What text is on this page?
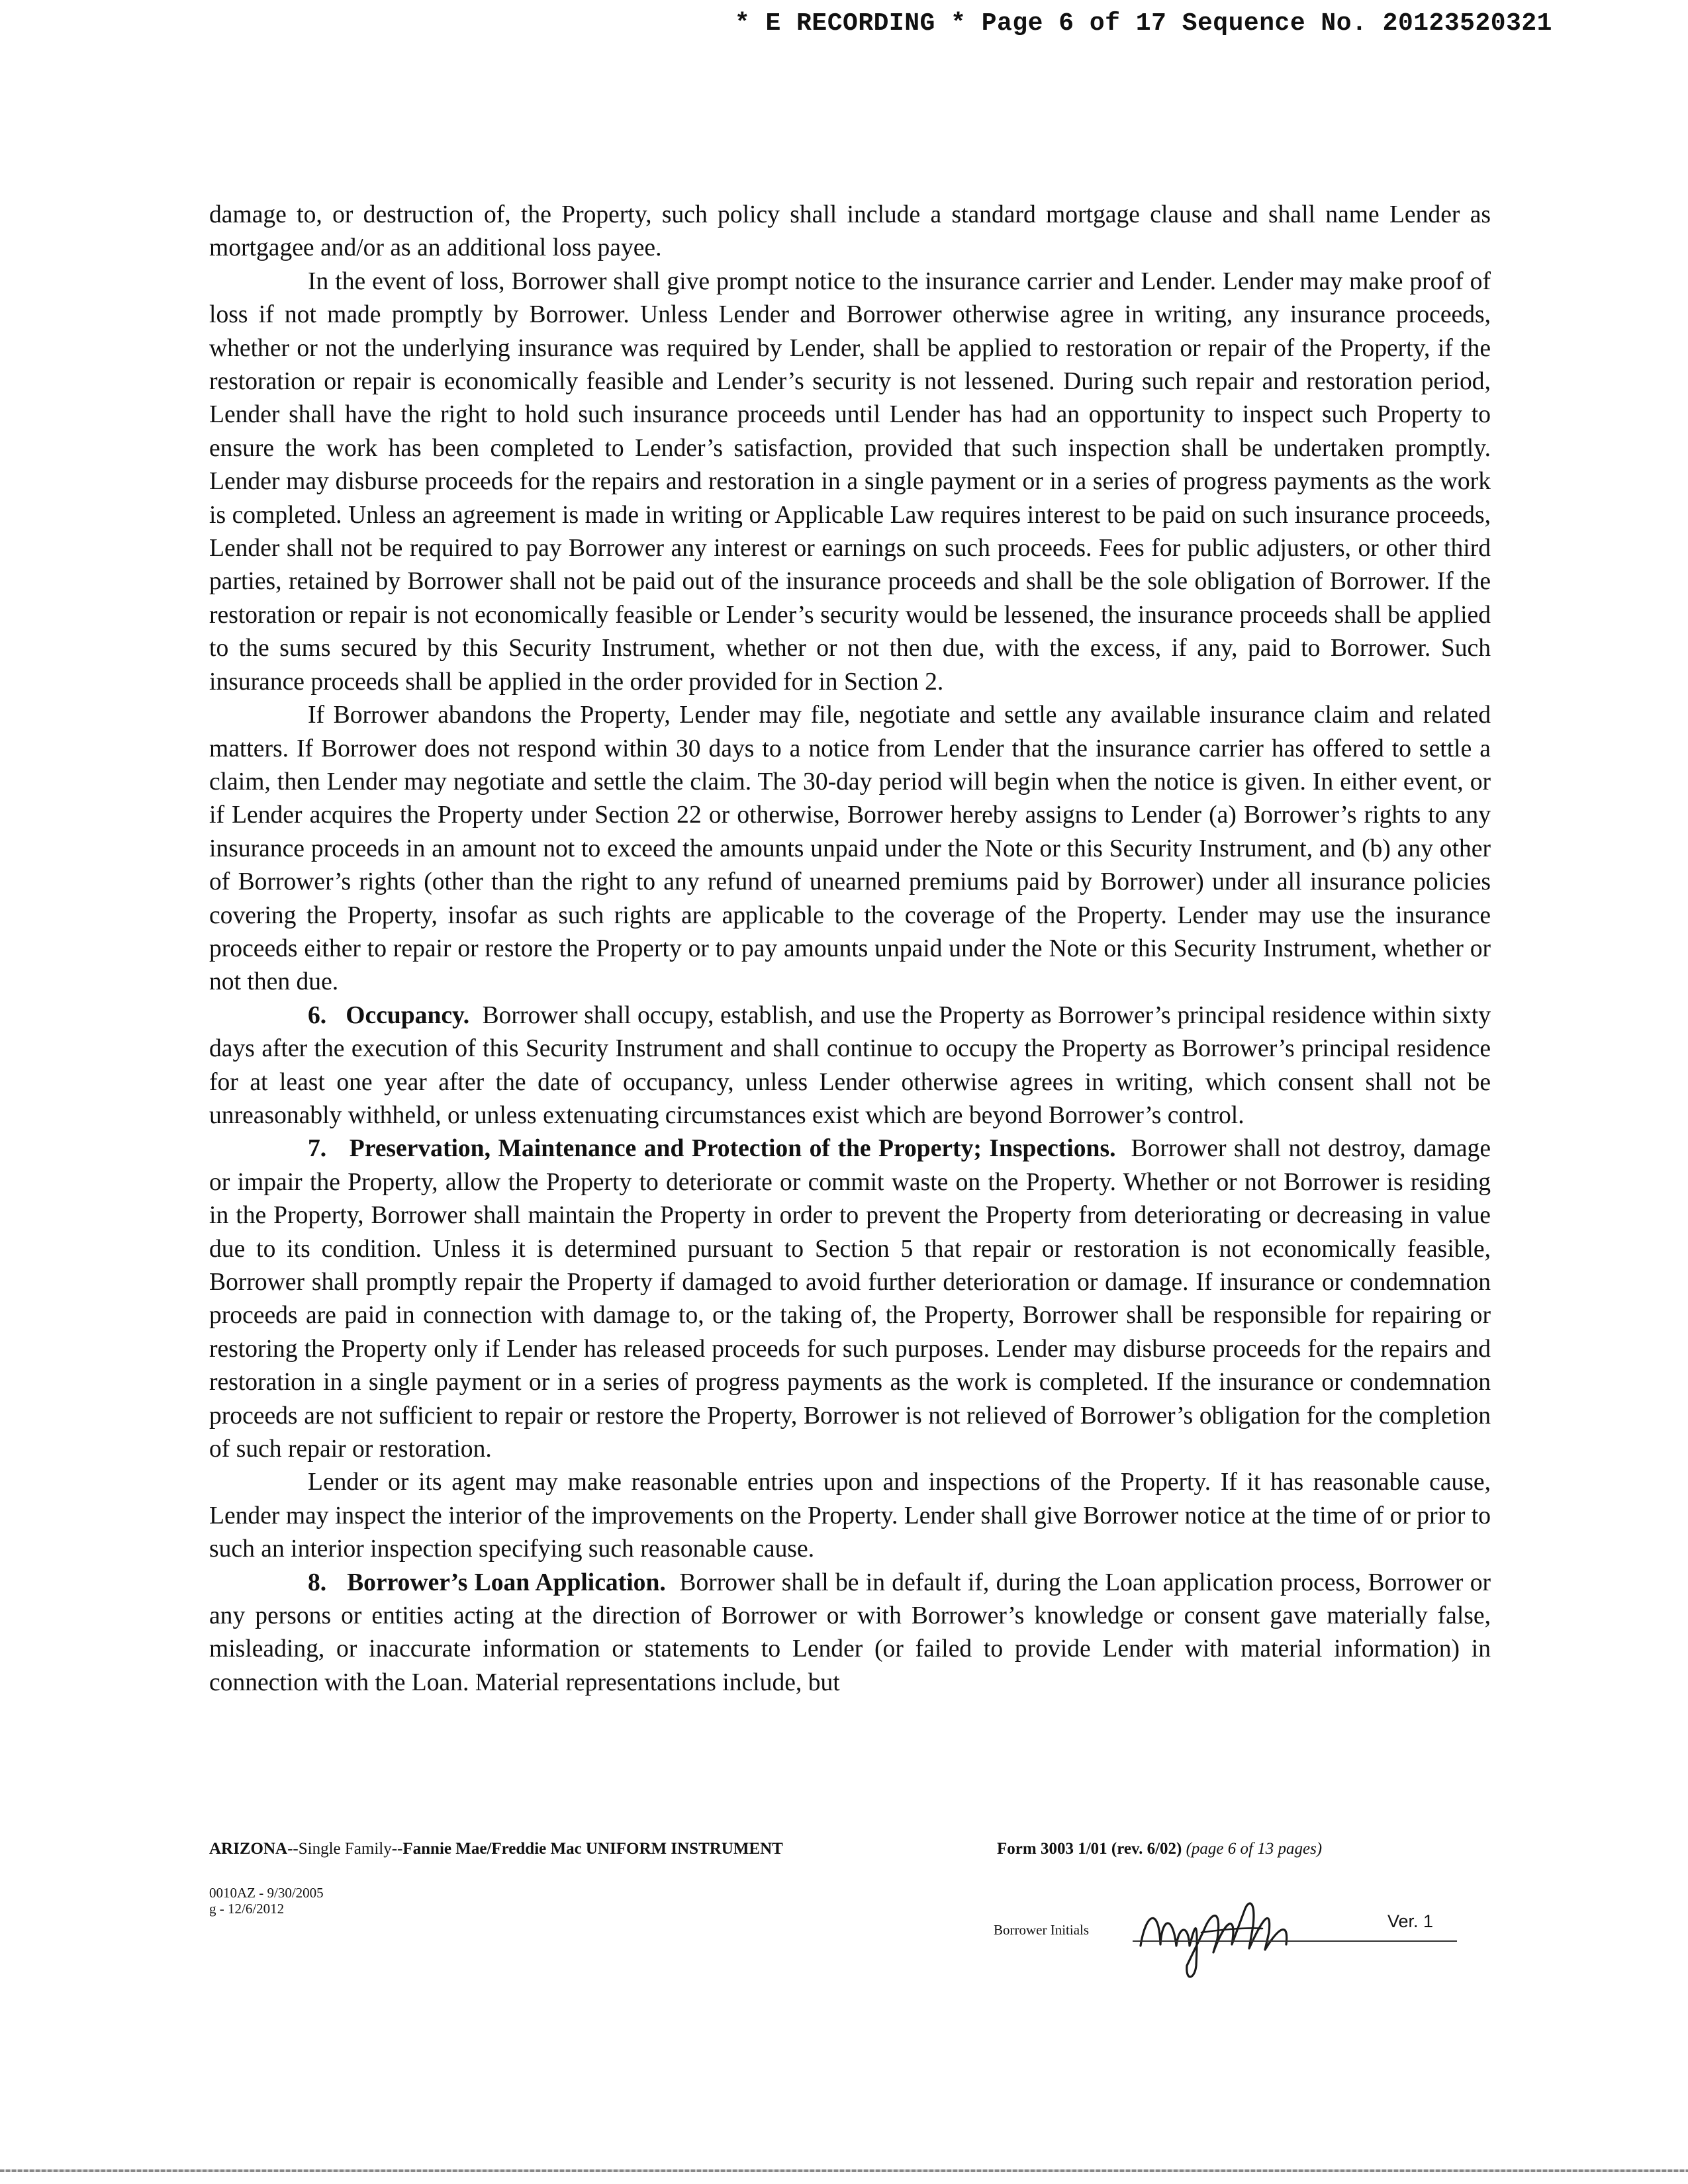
* E RECORDING * Page 6 of 17 Sequence No. 20123520321

damage to, or destruction of, the Property, such policy shall include a standard mortgage clause and shall name Lender as mortgagee and/or as an additional loss payee.

In the event of loss, Borrower shall give prompt notice to the insurance carrier and Lender. Lender may make proof of loss if not made promptly by Borrower. Unless Lender and Borrower otherwise agree in writing, any insurance proceeds, whether or not the underlying insurance was required by Lender, shall be applied to restoration or repair of the Property, if the restoration or repair is economically feasible and Lender’s security is not lessened. During such repair and restoration period, Lender shall have the right to hold such insurance proceeds until Lender has had an opportunity to inspect such Property to ensure the work has been completed to Lender’s satisfaction, provided that such inspection shall be undertaken promptly. Lender may disburse proceeds for the repairs and restoration in a single payment or in a series of progress payments as the work is completed. Unless an agreement is made in writing or Applicable Law requires interest to be paid on such insurance proceeds, Lender shall not be required to pay Borrower any interest or earnings on such proceeds. Fees for public adjusters, or other third parties, retained by Borrower shall not be paid out of the insurance proceeds and shall be the sole obligation of Borrower. If the restoration or repair is not economically feasible or Lender’s security would be lessened, the insurance proceeds shall be applied to the sums secured by this Security Instrument, whether or not then due, with the excess, if any, paid to Borrower. Such insurance proceeds shall be applied in the order provided for in Section 2.

If Borrower abandons the Property, Lender may file, negotiate and settle any available insurance claim and related matters. If Borrower does not respond within 30 days to a notice from Lender that the insurance carrier has offered to settle a claim, then Lender may negotiate and settle the claim. The 30-day period will begin when the notice is given. In either event, or if Lender acquires the Property under Section 22 or otherwise, Borrower hereby assigns to Lender (a) Borrower’s rights to any insurance proceeds in an amount not to exceed the amounts unpaid under the Note or this Security Instrument, and (b) any other of Borrower’s rights (other than the right to any refund of unearned premiums paid by Borrower) under all insurance policies covering the Property, insofar as such rights are applicable to the coverage of the Property. Lender may use the insurance proceeds either to repair or restore the Property or to pay amounts unpaid under the Note or this Security Instrument, whether or not then due.

6. Occupancy. Borrower shall occupy, establish, and use the Property as Borrower’s principal residence within sixty days after the execution of this Security Instrument and shall continue to occupy the Property as Borrower’s principal residence for at least one year after the date of occupancy, unless Lender otherwise agrees in writing, which consent shall not be unreasonably withheld, or unless extenuating circumstances exist which are beyond Borrower’s control.

7. Preservation, Maintenance and Protection of the Property; Inspections. Borrower shall not destroy, damage or impair the Property, allow the Property to deteriorate or commit waste on the Property. Whether or not Borrower is residing in the Property, Borrower shall maintain the Property in order to prevent the Property from deteriorating or decreasing in value due to its condition. Unless it is determined pursuant to Section 5 that repair or restoration is not economically feasible, Borrower shall promptly repair the Property if damaged to avoid further deterioration or damage. If insurance or condemnation proceeds are paid in connection with damage to, or the taking of, the Property, Borrower shall be responsible for repairing or restoring the Property only if Lender has released proceeds for such purposes. Lender may disburse proceeds for the repairs and restoration in a single payment or in a series of progress payments as the work is completed. If the insurance or condemnation proceeds are not sufficient to repair or restore the Property, Borrower is not relieved of Borrower’s obligation for the completion of such repair or restoration.

Lender or its agent may make reasonable entries upon and inspections of the Property. If it has reasonable cause, Lender may inspect the interior of the improvements on the Property. Lender shall give Borrower notice at the time of or prior to such an interior inspection specifying such reasonable cause.

8. Borrower’s Loan Application. Borrower shall be in default if, during the Loan application process, Borrower or any persons or entities acting at the direction of Borrower or with Borrower’s knowledge or consent gave materially false, misleading, or inaccurate information or statements to Lender (or failed to provide Lender with material information) in connection with the Loan. Material representations include, but

ARIZONA--Single Family--Fannie Mae/Freddie Mac UNIFORM INSTRUMENT	Form 3003 1/01 (rev. 6/02) (page 6 of 13 pages)
0010AZ - 9/30/2005
g - 12/6/2012
Borrower Initials	Ver. 1
